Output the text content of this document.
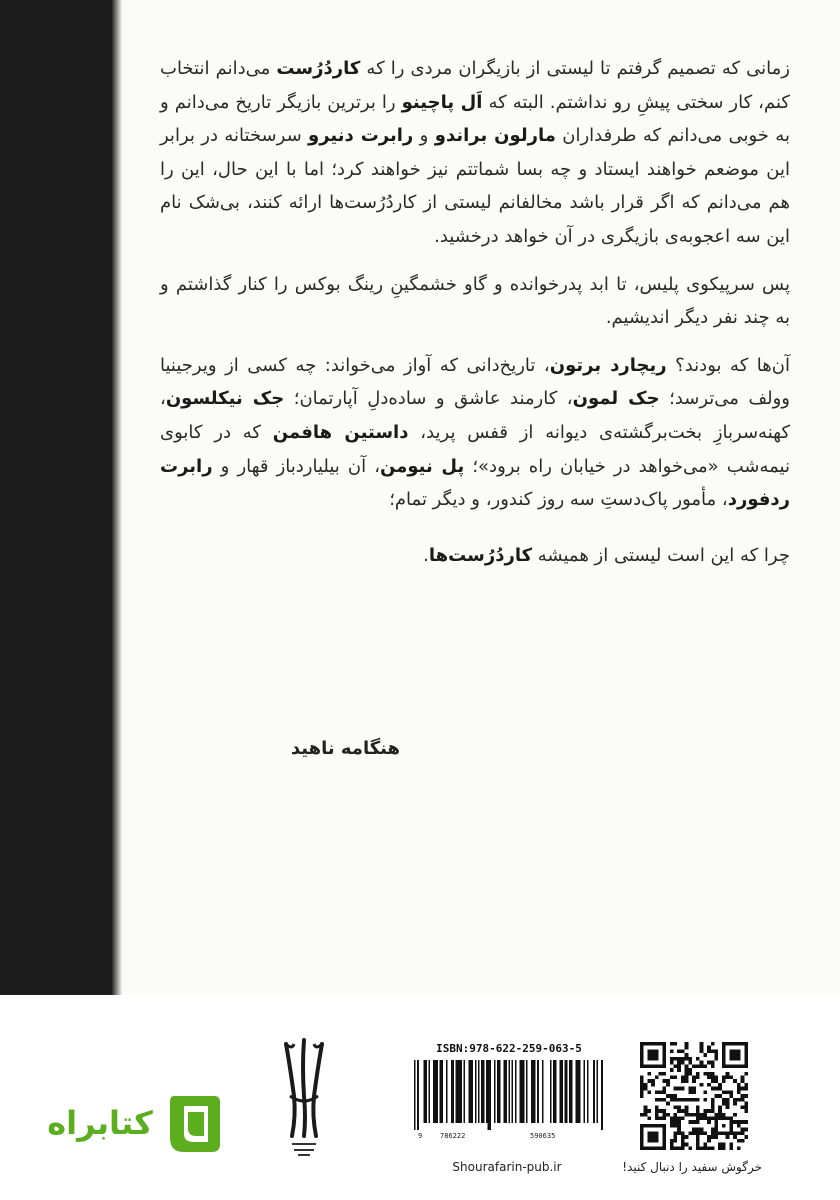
زمانی که تصمیم گرفتم تا لیستی از بازیگران مردی را که کاردُرُست می‌دانم انتخاب کنم، کار سختی پیشِ رو نداشتم. البته که اَل پاچینو را برترین بازیگر تاریخ می‌دانم و به خوبی می‌دانم که طرفداران مارلون براندو و رابرت دنیرو سرسختانه در برابر این موضعم خواهند ایستاد و چه بسا شماتتم نیز خواهند کرد؛ اما با این حال، این را هم می‌دانم که اگر قرار باشد مخالفانم لیستی از کاردُرُست‌ها ارائه کنند، بی‌شک نام این سه اعجوبه‌ی بازیگری در آن خواهد درخشید.

پس سرپیکوی پلیس، تا ابد پدرخوانده و گاو خشمگینِ رینگ بوکس را کنار گذاشتم و به چند نفر دیگر اندیشیم.

آن‌ها که بودند؟ ریچارد برتون، تاریخ‌دانی که آواز می‌خواند: چه کسی از ویرجینیا وولف می‌ترسد؛ جک لمون، کارمند عاشق و ساده‌دلِ آپارتمان؛ جک نیکلسون، کهنه‌سربازِ بخت‌برگشته‌ی دیوانه از قفس پرید، داستین هافمن که در کابوی نیمه‌شب «می‌خواهد در خیابان راه برود»؛ پل نیومن، آن بیلیاردباز قهار و رابرت ردفورد، مأمور پاک‌دستِ سه روز کندور، و دیگر تمام؛

چرا که این است لیستی از همیشه کاردُرُست‌ها.

هنگامه ناهید
خرگوش سفید را دنبال کنید!
ISBN:978-622-259-063-5
9	786222	590635
Shourafarin-pub.ir
کتابراه
